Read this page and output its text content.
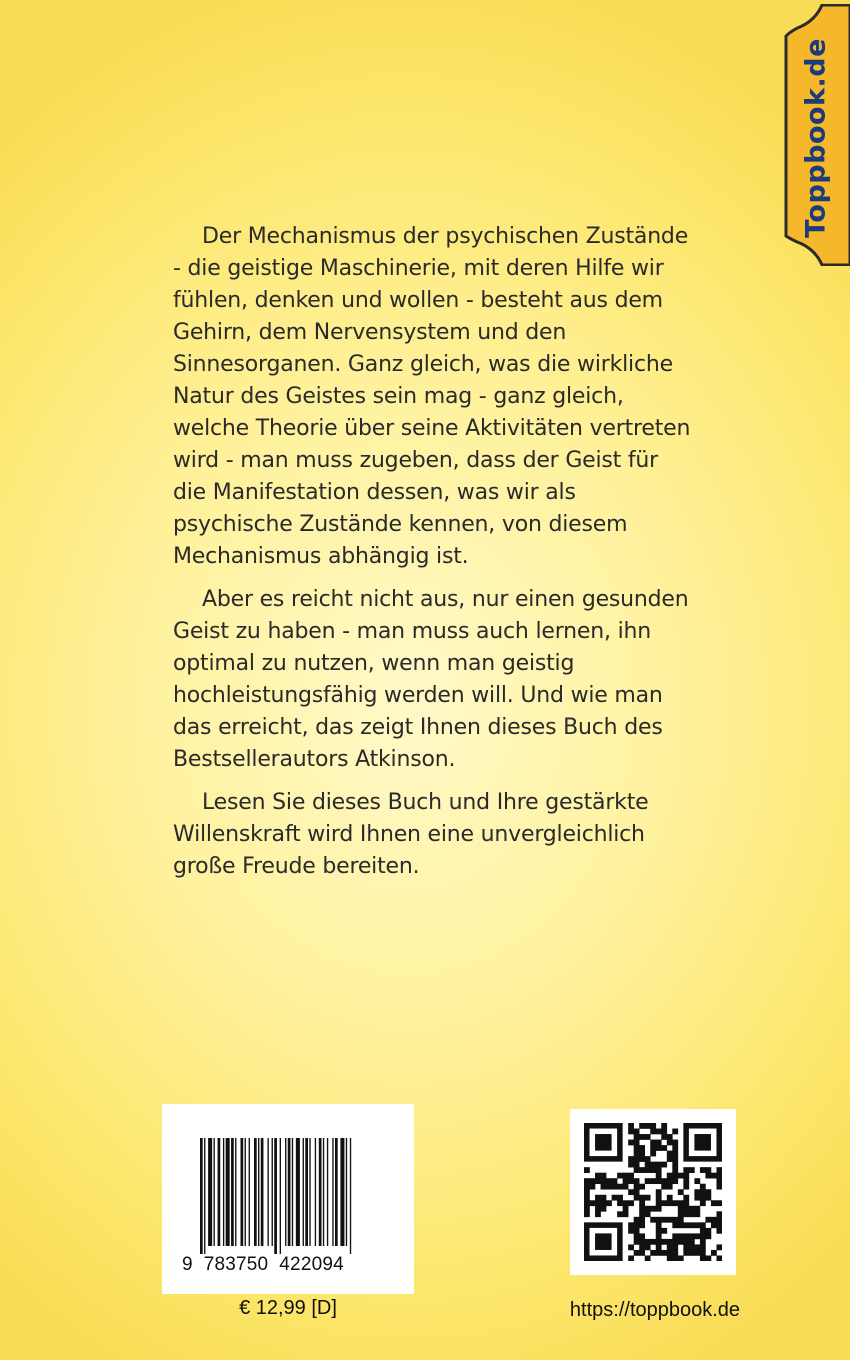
Toppbook.de

Der Mechanismus der psychischen Zustände - die geistige Maschinerie, mit deren Hilfe wir fühlen, denken und wollen - besteht aus dem Gehirn, dem Nervensystem und den Sinnesorganen. Ganz gleich, was die wirkliche Natur des Geistes sein mag - ganz gleich, welche Theorie über seine Aktivitäten vertreten wird - man muss zugeben, dass der Geist für die Manifestation dessen, was wir als psychische Zustände kennen, von diesem Mechanismus abhängig ist.

Aber es reicht nicht aus, nur einen gesunden Geist zu haben - man muss auch lernen, ihn optimal zu nutzen, wenn man geistig hochleistungsfähig werden will. Und wie man das erreicht, das zeigt Ihnen dieses Buch des Bestsellerautors Atkinson.

Lesen Sie dieses Buch und Ihre gestärkte Willenskraft wird Ihnen eine unvergleichlich große Freude bereiten.

9  783750  422094
€ 12,99 [D]	https://toppbook.de
